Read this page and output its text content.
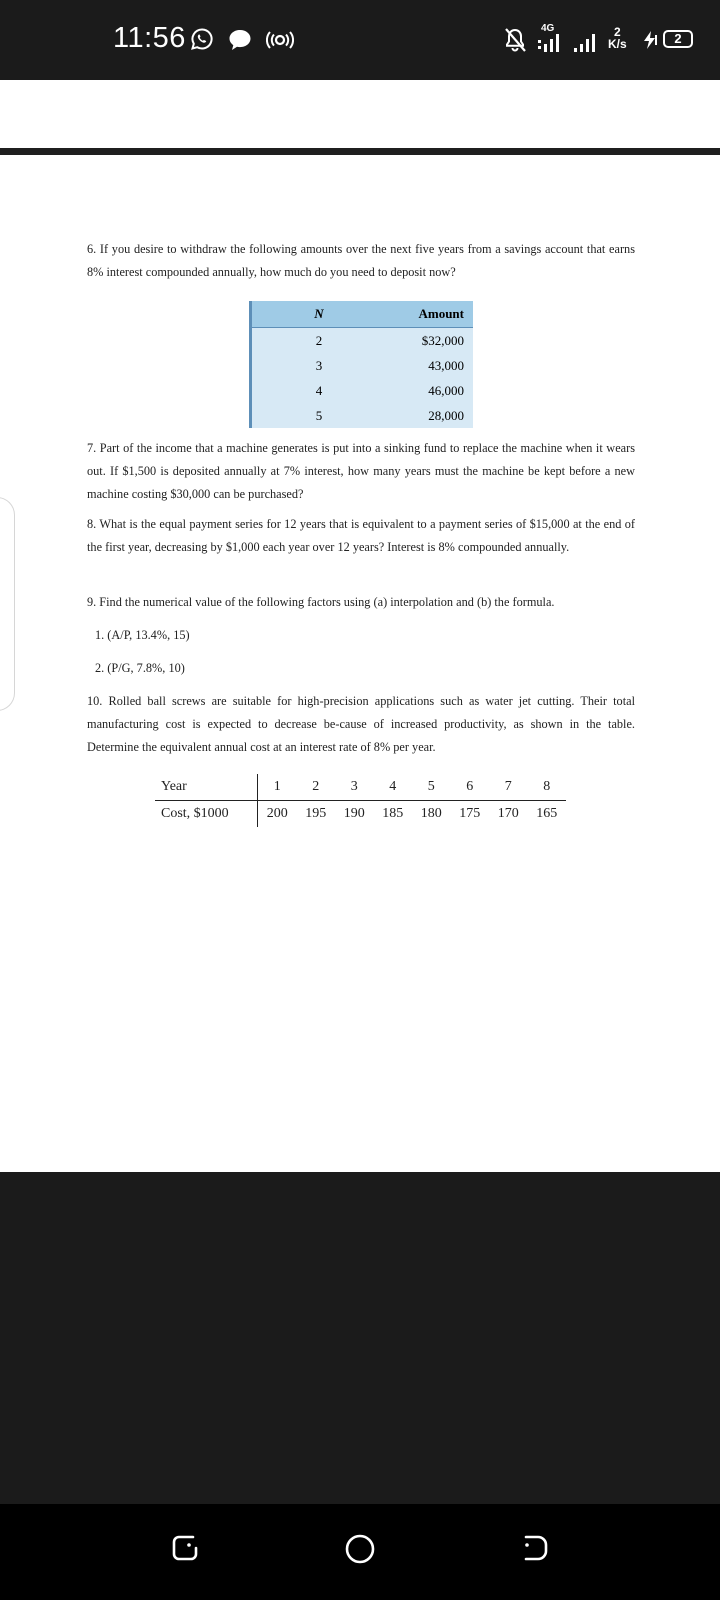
11:56	4G	2
K/s	2

6. If you desire to withdraw the following amounts over the next five years from a savings account that earns 8% interest compounded annually, how much do you need to deposit now?

7. Part of the income that a machine generates is put into a sinking fund to replace the machine when it wears out. If $1,500 is deposited annually at 7% interest, how many years must the machine be kept before a new machine costing $30,000 can be purchased?

8. What is the equal payment series for 12 years that is equivalent to a payment series of $15,000 at the end of the first year, decreasing by $1,000 each year over 12 years? Interest is 8% compounded annually.

9. Find the numerical value of the following factors using (a) interpolation and (b) the formula.

1. (A/P, 13.4%, 15)
2. (P/G, 7.8%, 10)

10. Rolled ball screws are suitable for high-precision applications such as water jet cutting. Their total manufacturing cost is expected to decrease be-cause of increased productivity, as shown in the table. Determine the equivalent annual cost at an interest rate of 8% per year.

N	Amount
2	$32,000
3	43,000
4	46,000
5	28,000
Year	1	2	3	4	5	6	7	8
Cost, $1000	200	195	190	185	180	175	170	165
